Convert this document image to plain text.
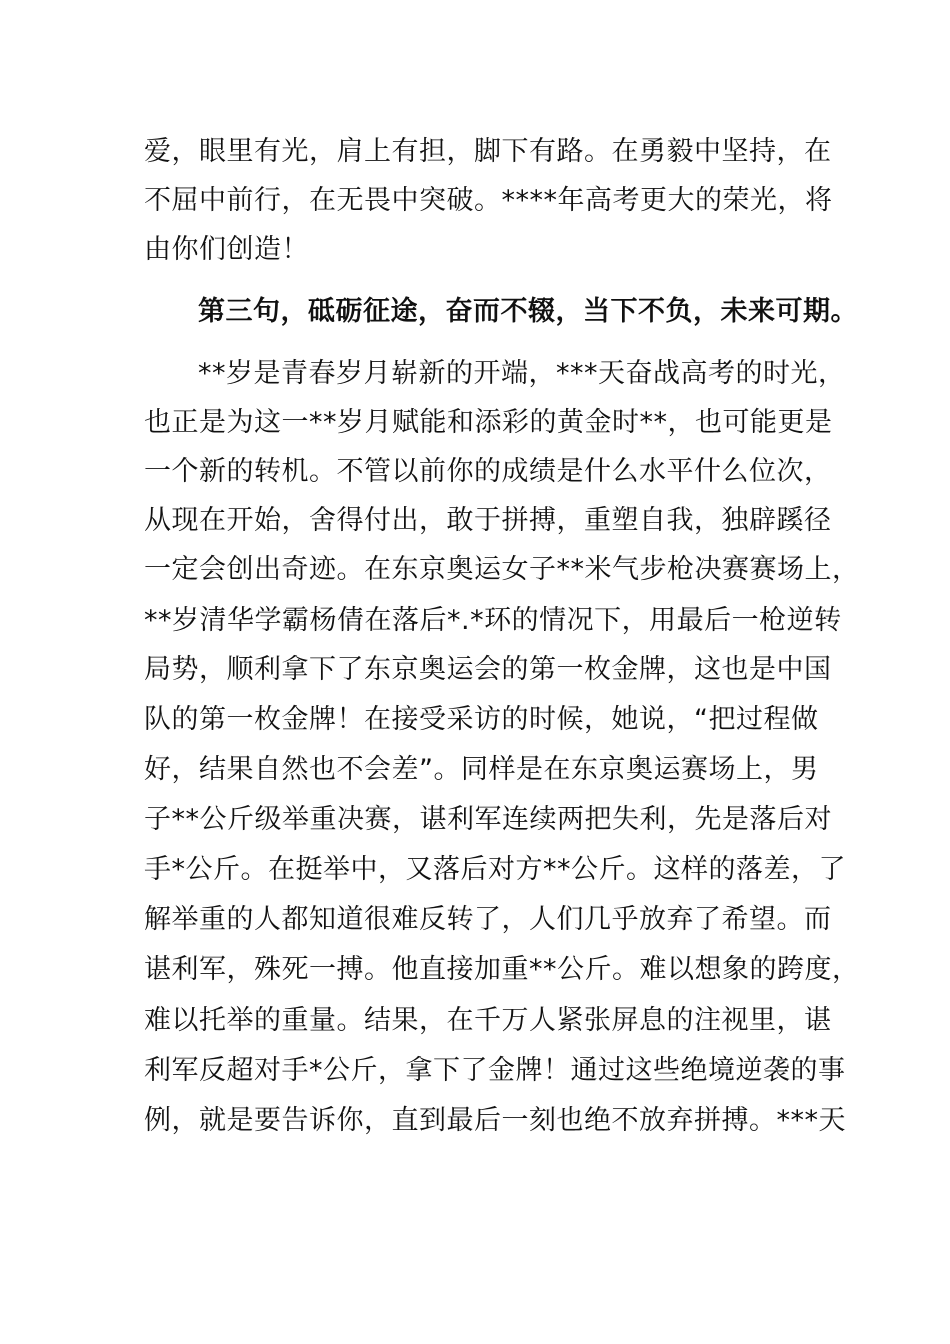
爱，眼里有光，肩上有担，脚下有路。在勇毅中坚持，在
不屈中前行，在无畏中突破。****年高考更大的荣光，将
由你们创造！
第三句，砥砺征途，奋而不辍，当下不负，未来可期。
**岁是青春岁月崭新的开端，***天奋战高考的时光，
也正是为这一**岁月赋能和添彩的黄金时**，也可能更是
一个新的转机。不管以前你的成绩是什么水平什么位次，
从现在开始，舍得付出，敢于拼搏，重塑自我，独辟蹊径
一定会创出奇迹。在东京奥运女子**米气步枪决赛赛场上，
**岁清华学霸杨倩在落后*.*环的情况下，用最后一枪逆转
局势，顺利拿下了东京奥运会的第一枚金牌，这也是中国
队的第一枚金牌！在接受采访的时候，她说，“把过程做
好，结果自然也不会差”。同样是在东京奥运赛场上，男
子**公斤级举重决赛，谌利军连续两把失利，先是落后对
手*公斤。在挺举中，又落后对方**公斤。这样的落差，了
解举重的人都知道很难反转了，人们几乎放弃了希望。而
谌利军，殊死一搏。他直接加重**公斤。难以想象的跨度，
难以托举的重量。结果，在千万人紧张屏息的注视里，谌
利军反超对手*公斤，拿下了金牌！通过这些绝境逆袭的事
例，就是要告诉你，直到最后一刻也绝不放弃拼搏。***天
